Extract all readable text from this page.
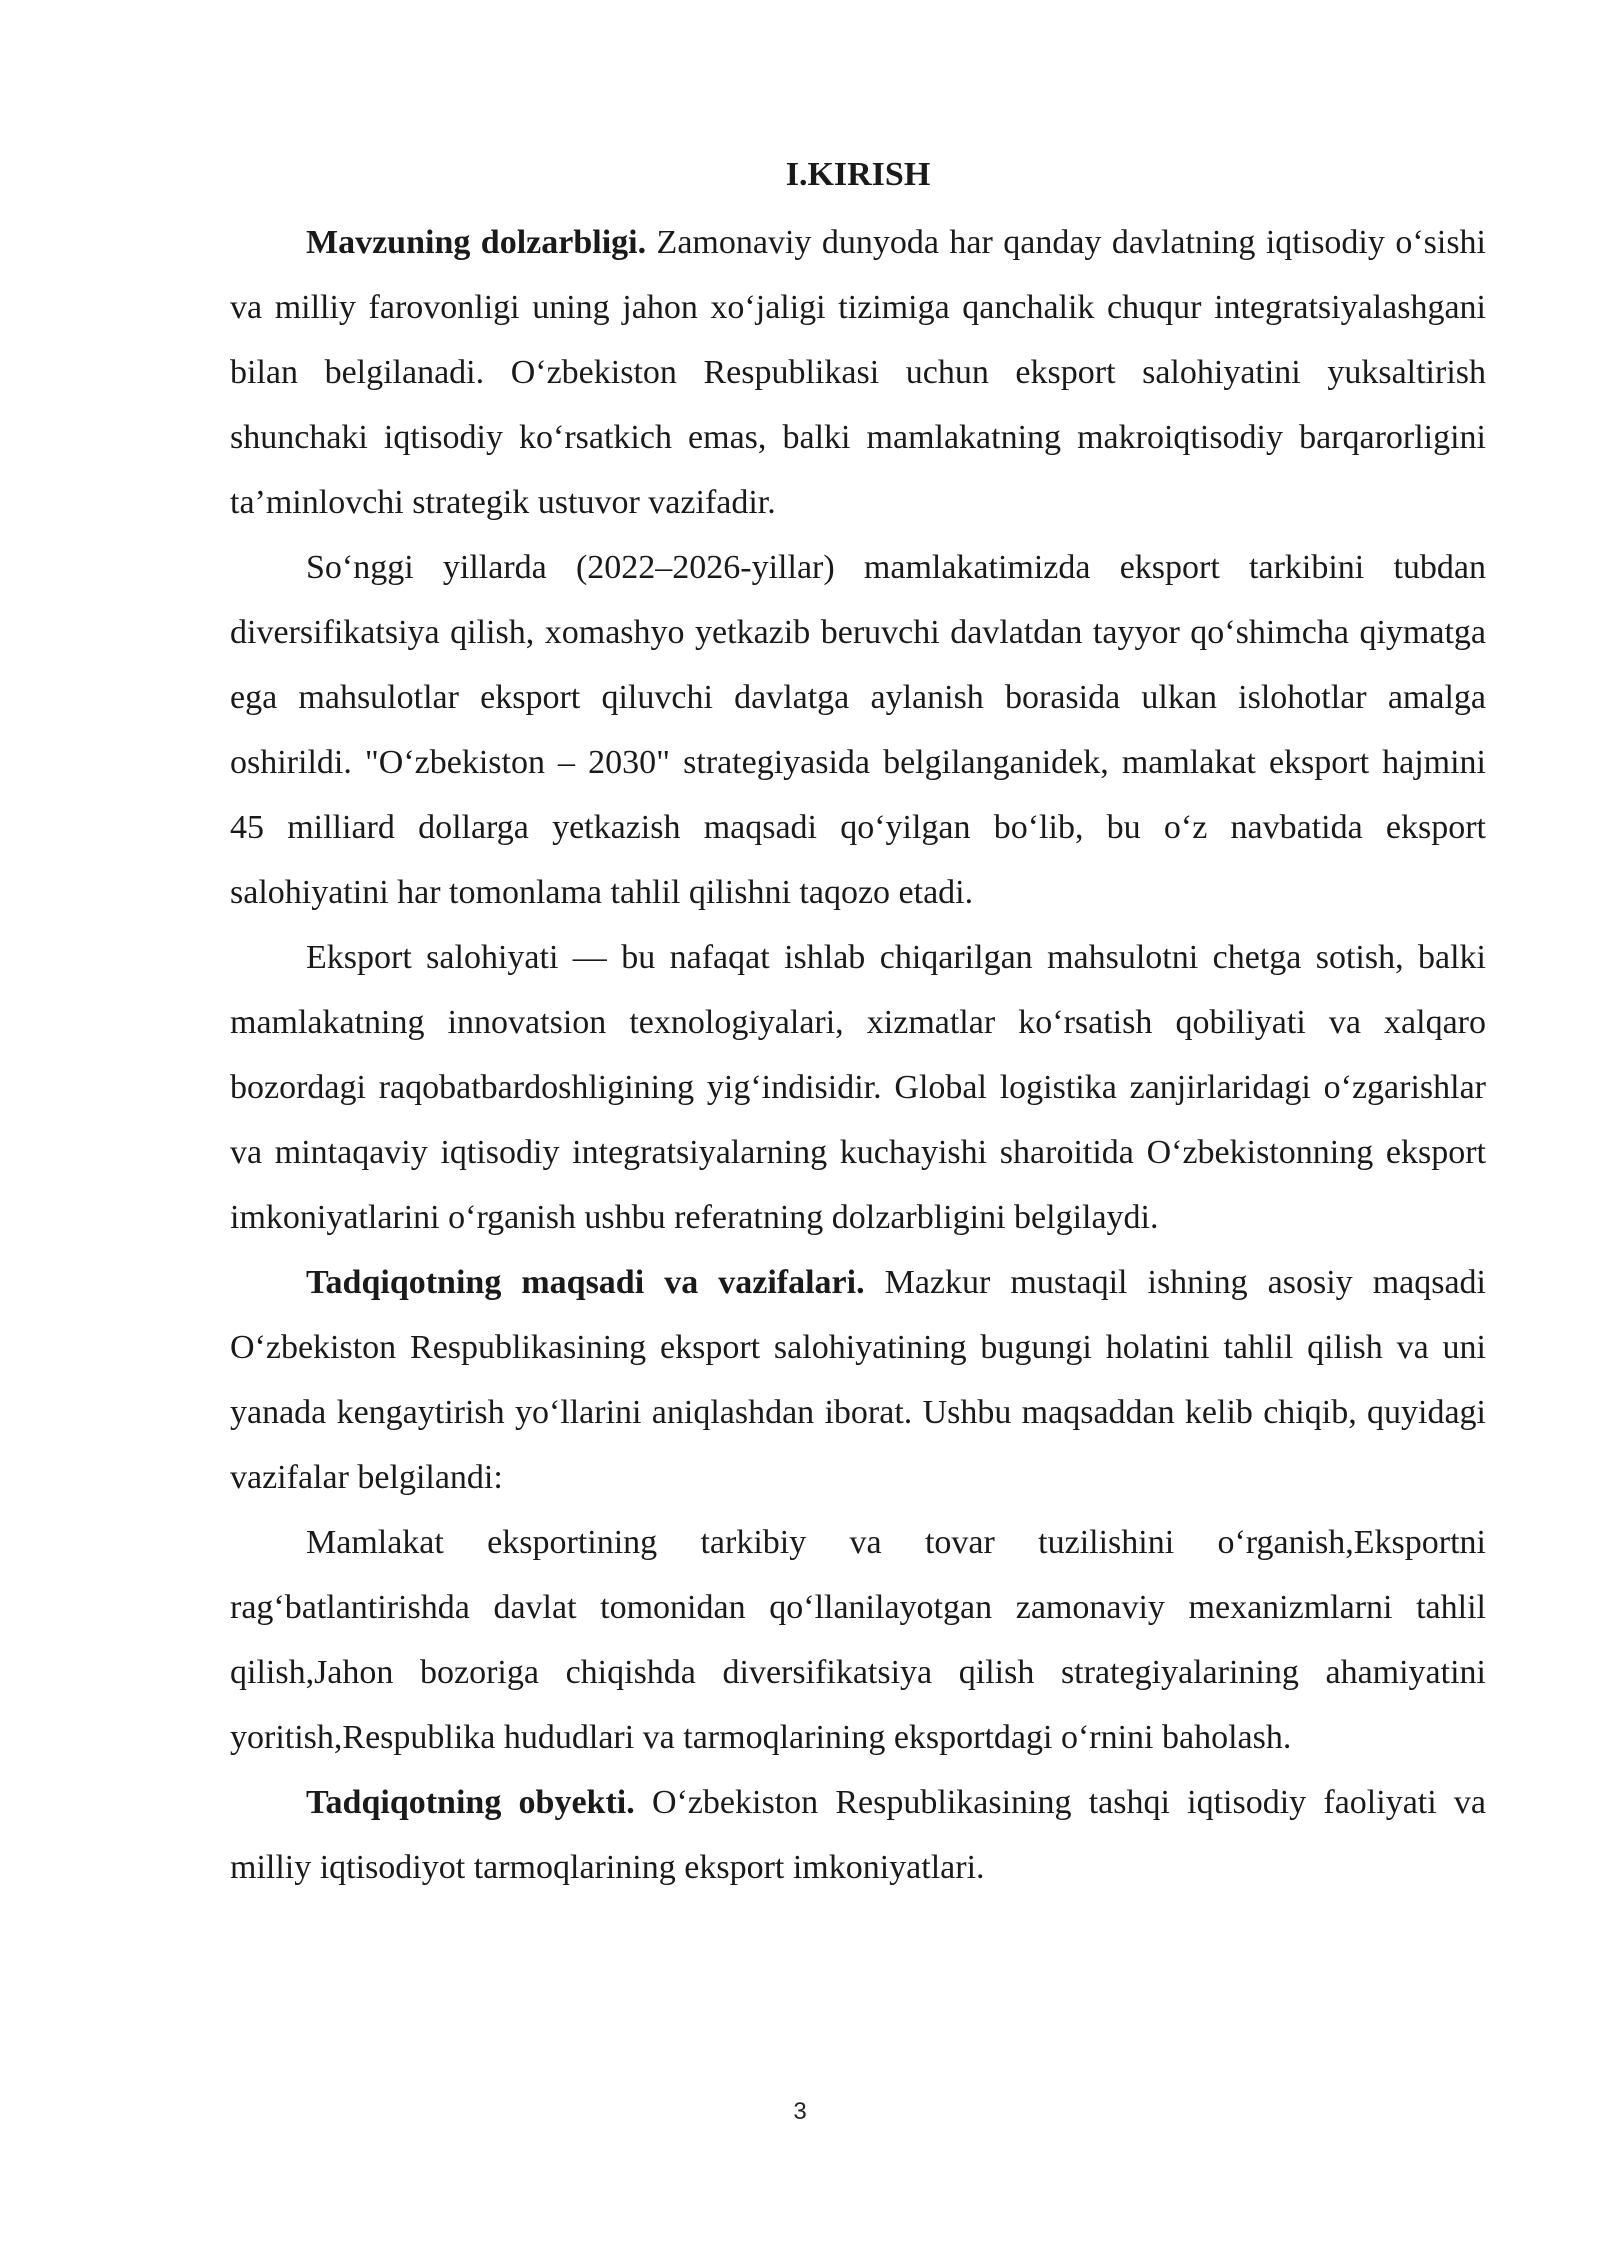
I.KIRISH

Mavzuning dolzarbligi. Zamonaviy dunyoda har qanday davlatning iqtisodiy o‘sishi va milliy farovonligi uning jahon xo‘jaligi tizimiga qanchalik chuqur integratsiyalashgani bilan belgilanadi. O‘zbekiston Respublikasi uchun eksport salohiyatini yuksaltirish shunchaki iqtisodiy ko‘rsatkich emas, balki mamlakatning makroiqtisodiy barqarorligini ta’minlovchi strategik ustuvor vazifadir.

So‘nggi yillarda (2022–2026-yillar) mamlakatimizda eksport tarkibini tubdan diversifikatsiya qilish, xomashyo yetkazib beruvchi davlatdan tayyor qo‘shimcha qiymatga ega mahsulotlar eksport qiluvchi davlatga aylanish borasida ulkan islohotlar amalga oshirildi. "O‘zbekiston – 2030" strategiyasida belgilanganidek, mamlakat eksport hajmini 45 milliard dollarga yetkazish maqsadi qo‘yilgan bo‘lib, bu o‘z navbatida eksport salohiyatini har tomonlama tahlil qilishni taqozo etadi.

Eksport salohiyati — bu nafaqat ishlab chiqarilgan mahsulotni chetga sotish, balki mamlakatning innovatsion texnologiyalari, xizmatlar ko‘rsatish qobiliyati va xalqaro bozordagi raqobatbardoshligining yig‘indisidir. Global logistika zanjirlaridagi o‘zgarishlar va mintaqaviy iqtisodiy integratsiyalarning kuchayishi sharoitida O‘zbekistonning eksport imkoniyatlarini o‘rganish ushbu referatning dolzarbligini belgilaydi.

Tadqiqotning maqsadi va vazifalari. Mazkur mustaqil ishning asosiy maqsadi O‘zbekiston Respublikasining eksport salohiyatining bugungi holatini tahlil qilish va uni yanada kengaytirish yo‘llarini aniqlashdan iborat. Ushbu maqsaddan kelib chiqib, quyidagi vazifalar belgilandi:

Mamlakat eksportining tarkibiy va tovar tuzilishini o‘rganish,Eksportni rag‘batlantirishda davlat tomonidan qo‘llanilayotgan zamonaviy mexanizmlarni tahlil qilish,Jahon bozoriga chiqishda diversifikatsiya qilish strategiyalarining ahamiyatini yoritish,Respublika hududlari va tarmoqlarining eksportdagi o‘rnini baholash.

Tadqiqotning obyekti. O‘zbekiston Respublikasining tashqi iqtisodiy faoliyati va milliy iqtisodiyot tarmoqlarining eksport imkoniyatlari.

3
